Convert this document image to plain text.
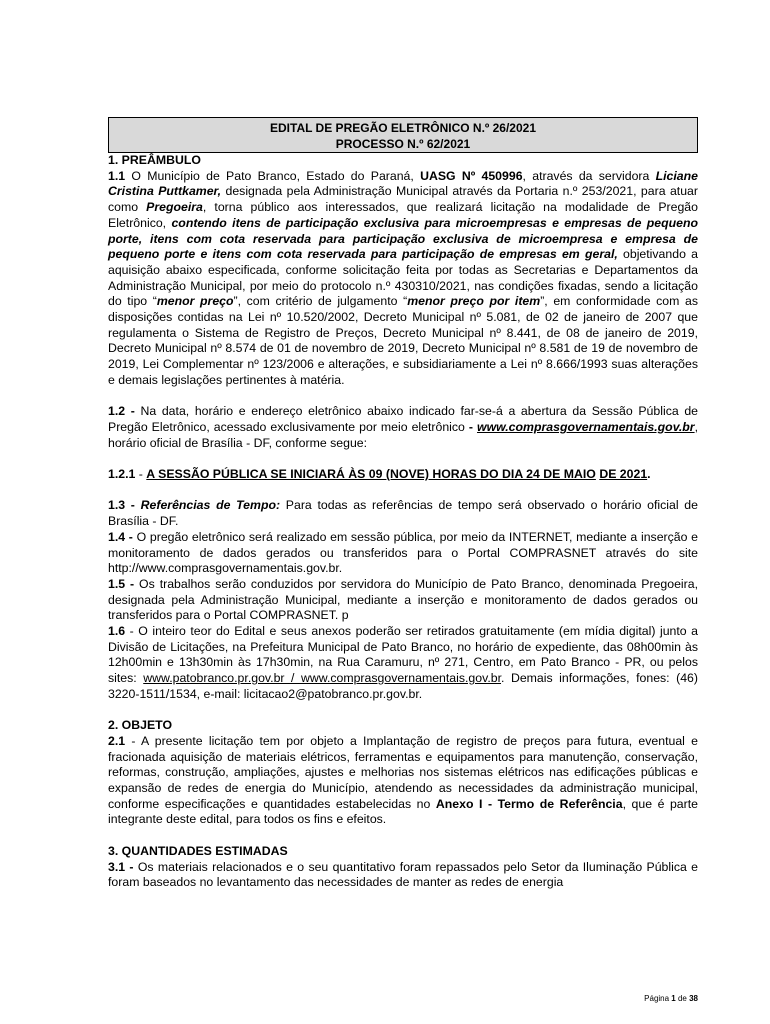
EDITAL DE PREGÃO ELETRÔNICO N.º 26/2021
PROCESSO N.º 62/2021

1. PREÂMBULO

1.1 O Município de Pato Branco, Estado do Paraná, UASG Nº 450996, através da servidora Liciane Cristina Puttkamer, designada pela Administração Municipal através da Portaria n.º 253/2021, para atuar como Pregoeira, torna público aos interessados, que realizará licitação na modalidade de Pregão Eletrônico, contendo itens de participação exclusiva para microempresas e empresas de pequeno porte, itens com cota reservada para participação exclusiva de microempresa e empresa de pequeno porte e itens com cota reservada para participação de empresas em geral, objetivando a aquisição abaixo especificada, conforme solicitação feita por todas as Secretarias e Departamentos da Administração Municipal, por meio do protocolo n.º 430310/2021, nas condições fixadas, sendo a licitação do tipo “menor preço”, com critério de julgamento “menor preço por item”, em conformidade com as disposições contidas na Lei nº 10.520/2002, Decreto Municipal nº 5.081, de 02 de janeiro de 2007 que regulamenta o Sistema de Registro de Preços, Decreto Municipal nº 8.441, de 08 de janeiro de 2019, Decreto Municipal nº 8.574 de 01 de novembro de 2019, Decreto Municipal nº 8.581 de 19 de novembro de 2019, Lei Complementar nº 123/2006 e alterações, e subsidiariamente a Lei nº 8.666/1993 suas alterações e demais legislações pertinentes à matéria.

1.2 - Na data, horário e endereço eletrônico abaixo indicado far-se-á a abertura da Sessão Pública de Pregão Eletrônico, acessado exclusivamente por meio eletrônico - www.comprasgovernamentais.gov.br, horário oficial de Brasília - DF, conforme segue:

1.2.1 - A SESSÃO PÚBLICA SE INICIARÁ ÀS 09 (NOVE) HORAS DO DIA 24 DE MAIO DE 2021.

1.3 - Referências de Tempo: Para todas as referências de tempo será observado o horário oficial de Brasília - DF.

1.4 - O pregão eletrônico será realizado em sessão pública, por meio da INTERNET, mediante a inserção e monitoramento de dados gerados ou transferidos para o Portal COMPRASNET através do site http://www.comprasgovernamentais.gov.br.

1.5 - Os trabalhos serão conduzidos por servidora do Município de Pato Branco, denominada Pregoeira, designada pela Administração Municipal, mediante a inserção e monitoramento de dados gerados ou transferidos para o Portal COMPRASNET. p

1.6 - O inteiro teor do Edital e seus anexos poderão ser retirados gratuitamente (em mídia digital) junto a Divisão de Licitações, na Prefeitura Municipal de Pato Branco, no horário de expediente, das 08h00min às 12h00min e 13h30min às 17h30min, na Rua Caramuru, nº 271, Centro, em Pato Branco - PR, ou pelos sites: www.patobranco.pr.gov.br / www.comprasgovernamentais.gov.br. Demais informações, fones: (46) 3220-1511/1534, e-mail: licitacao2@patobranco.pr.gov.br.

2. OBJETO

2.1 - A presente licitação tem por objeto a Implantação de registro de preços para futura, eventual e fracionada aquisição de materiais elétricos, ferramentas e equipamentos para manutenção, conservação, reformas, construção, ampliações, ajustes e melhorias nos sistemas elétricos nas edificações públicas e expansão de redes de energia do Município, atendendo as necessidades da administração municipal, conforme especificações e quantidades estabelecidas no Anexo I - Termo de Referência, que é parte integrante deste edital, para todos os fins e efeitos.

3. QUANTIDADES ESTIMADAS

3.1 - Os materiais relacionados e o seu quantitativo foram repassados pelo Setor da Iluminação Pública e foram baseados no levantamento das necessidades de manter as redes de energia

Página 1 de 38
